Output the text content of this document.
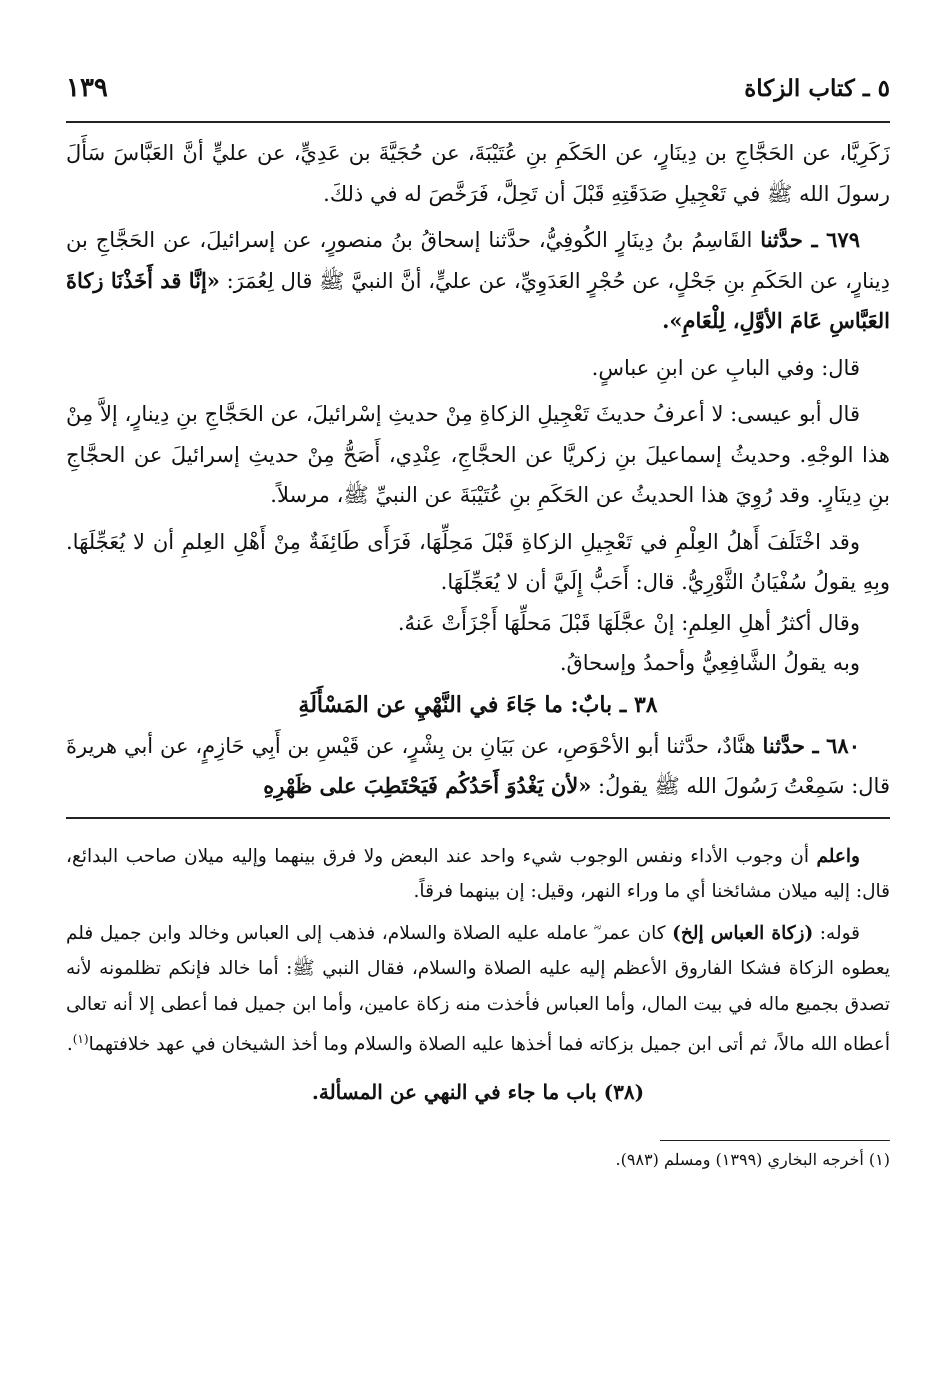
٥ ـ كتاب الزكاة
١٣٩

زَكَرِيَّا، عن الحَجَّاجِ بن دِينَارٍ، عن الحَكَمِ بنِ عُتَيْبَةَ، عن حُجَيَّةَ بن عَدِيٍّ، عن عليٍّ أنَّ العَبَّاسَ سَأَلَ رسولَ الله ﷺ في تَعْجِيلِ صَدَقَتِهِ قَبْلَ أن تَحِلَّ، فَرَخَّصَ له في ذلكَ.

٦٧٩ ـ حدَّثنا القَاسِمُ بنُ دِينَارٍ الكُوفِيُّ، حدَّثنا إسحاقُ بنُ منصورٍ، عن إسرائيلَ، عن الحَجَّاجِ بن دِينارٍ، عن الحَكَمِ بنِ جَحْلٍ، عن حُجْرٍ العَدَوِيِّ، عن عليٍّ، أنَّ النبيَّ ﷺ قال لِعُمَرَ: «إنَّا قد أَخَذْنَا زكاةَ العَبَّاسِ عَامَ الأوَّلِ، لِلْعَامِ».

قال: وفي البابِ عن ابنِ عباسٍ.

قال أبو عيسى: لا أعرفُ حديثَ تَعْجِيلِ الزكاةِ مِنْ حديثِ إسْرائيلَ، عن الحَجَّاجِ بنِ دِينارٍ، إلاَّ مِنْ هذا الوجْهِ. وحديثُ إسماعيلَ بنِ زكريَّا عن الحجَّاجِ، عِنْدِي، أَصَحُّ مِنْ حديثِ إسرائيلَ عن الحجَّاجِ بنِ دِينَارٍ. وقد رُوِيَ هذا الحديثُ عن الحَكَمِ بنِ عُتَيْبَةَ عن النبيِّ ﷺ، مرسلاً.

وقد اخْتَلَفَ أَهلُ العِلْمِ في تَعْجِيلِ الزكاةِ قَبْلَ مَحِلِّهَا، فَرَأَى طَائِفَةٌ مِنْ أَهْلِ العِلمِ أن لا يُعَجِّلَهَا. وبِهِ يقولُ سُفْيَانُ الثَّوْرِيُّ. قال: أَحَبُّ إِلَيَّ أن لا يُعَجِّلَهَا.

وقال أكثرُ أهلِ العِلمِ: إنْ عجَّلَهَا قَبْلَ مَحلِّهَا أَجْزَأَتْ عَنهُ.

وبه يقولُ الشَّافِعِيُّ وأحمدُ وإسحاقُ.

٣٨ ـ بابٌ: ما جَاءَ في النَّهْيِ عن المَسْأَلَةِ

٦٨٠ ـ حدَّثنا هنَّادٌ، حدَّثنا أبو الأحْوَصِ، عن بَيَانِ بن بِشْرٍ، عن قَيْسِ بن أَبِي حَازِمٍ، عن أبي هريرةَ قال: سَمِعْتُ رَسُولَ الله ﷺ يقولُ: «لأن يَغْدُوَ أَحَدُكُم فَيَحْتَطِبَ على ظَهْرِهِ

واعلم أن وجوب الأداء ونفس الوجوب شيء واحد عند البعض ولا فرق بينهما وإليه ميلان صاحب البدائع، قال: إليه ميلان مشائخنا أي ما وراء النهر، وقيل: إن بينهما فرقاً.

قوله: (زكاة العباس إلخ) كان عمر ؓ عامله عليه الصلاة والسلام، فذهب إلى العباس وخالد وابن جميل فلم يعطوه الزكاة فشكا الفاروق الأعظم إليه عليه الصلاة والسلام، فقال النبي ﷺ: أما خالد فإنكم تظلمونه لأنه تصدق بجميع ماله في بيت المال، وأما العباس فأخذت منه زكاة عامين، وأما ابن جميل فما أعطى إلا أنه تعالى أعطاه الله مالاً، ثم أتى ابن جميل بزكاته فما أخذها عليه الصلاة والسلام وما أخذ الشيخان في عهد خلافتهما$^{(١)}$.

(٣٨) باب ما جاء في النهي عن المسألة.
(١) أخرجه البخاري (١٣٩٩) ومسلم (٩٨٣).
